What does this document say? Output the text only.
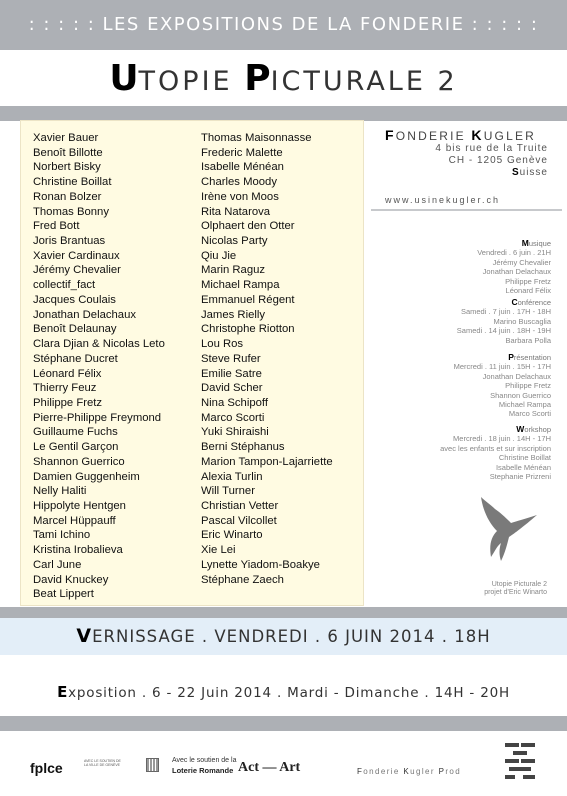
: : : : : LES EXPOSITIONS DE LA FONDERIE : : : : :
UTOPIE PICTURALE 2
Xavier Bauer
Benoît Billotte
Norbert Bisky
Christine Boillat
Ronan Bolzer
Thomas Bonny
Fred Bott
Joris Brantuas
Xavier Cardinaux
Jérémy Chevalier
collectif_fact
Jacques Coulais
Jonathan Delachaux
Benoît Delaunay
Clara Djian & Nicolas Leto
Stéphane Ducret
Léonard Félix
Thierry Feuz
Philippe Fretz
Pierre-Philippe Freymond
Guillaume Fuchs
Le Gentil Garçon
Shannon Guerrico
Damien Guggenheim
Nelly Haliti
Hippolyte Hentgen
Marcel Hüppauff
Tami Ichino
Kristina Irobalieva
Carl June
David Knuckey
Beat Lippert
Thomas Maisonnasse
Frederic Malette
Isabelle Ménéan
Charles Moody
Irène von Moos
Rita Natarova
Olphaert den Otter
Nicolas Party
Qiu Jie
Marin Raguz
Michael Rampa
Emmanuel Régent
James Rielly
Christophe Riotton
Lou Ros
Steve Rufer
Emilie Satre
David Scher
Nina Schipoff
Marco Scorti
Yuki Shiraishi
Berni Stéphanus
Marion Tampon-Lajarriette
Alexia Turlin
Will Turner
Christian Vetter
Pascal Vilcollet
Eric Winarto
Xie Lei
Lynette Yiadom-Boakye
Stéphane Zaech
FONDERIE KUGLER
4 bis rue de la Truite
CH - 1205 Genève
Suisse
www.usinekugler.ch
Musique
Vendredi . 6 juin . 21H
Jérémy Chevalier
Jonathan Delachaux
Philippe Fretz
Léonard Félix
Conférence
Samedi . 7 juin . 17H - 18H
Marino Buscaglia
Samedi . 14 juin . 18H - 19H
Barbara Polla
Présentation
Mercredi . 11 juin . 15H - 17H
Jonathan Delachaux
Philippe Fretz
Shannon Guerrico
Michael Rampa
Marco Scorti
Workshop
Mercredi . 18 juin . 14H - 17H
avec les enfants et sur inscription
Christine Boillat
Isabelle Ménéan
Stephanie Prizreni
Utopie Picturale 2
projet d'Eric Winarto
VERNISSAGE . VENDREDI . 6 JUIN 2014 . 18H
Exposition . 6 - 22 Juin 2014 . Mardi - Dimanche . 14H - 20H
fplce	AVEC LE SOUTIEN DE
LA VILLE DE GENÈVE
Avec le soutien de la
Loterie Romande Act — Art	Fonderie Kugler Prod
